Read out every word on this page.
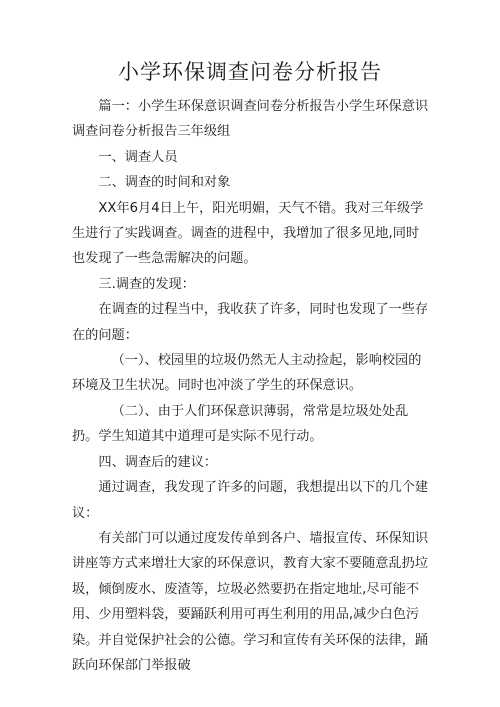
小学环保调查问卷分析报告

篇一：小学生环保意识调查问卷分析报告小学生环保意识调查问卷分析报告三年级组

一、调查人员

二、调查的时间和对象

XX年6月4日上午，阳光明媚，天气不错。我对三年级学生进行了实践调查。调查的进程中，我增加了很多见地,同时也发现了一些急需解决的问题。

三.调查的发现：

在调查的过程当中，我收获了许多，同时也发现了一些存在的问题：

（一）、校园里的垃圾仍然无人主动捡起，影响校园的环境及卫生状况。同时也冲淡了学生的环保意识。

（二）、由于人们环保意识薄弱，常常是垃圾处处乱扔。学生知道其中道理可是实际不见行动。

四、调查后的建议：

通过调查，我发现了许多的问题，我想提出以下的几个建议：

有关部门可以通过度发传单到各户、墙报宣传、环保知识讲座等方式来增壮大家的环保意识，教育大家不要随意乱扔垃圾，倾倒废水、废渣等，垃圾必然要扔在指定地址,尽可能不用、少用塑料袋，要踊跃利用可再生利用的用品,减少白色污染。并自觉保护社会的公德。学习和宣传有关环保的法律，踊跃向环保部门举报破
